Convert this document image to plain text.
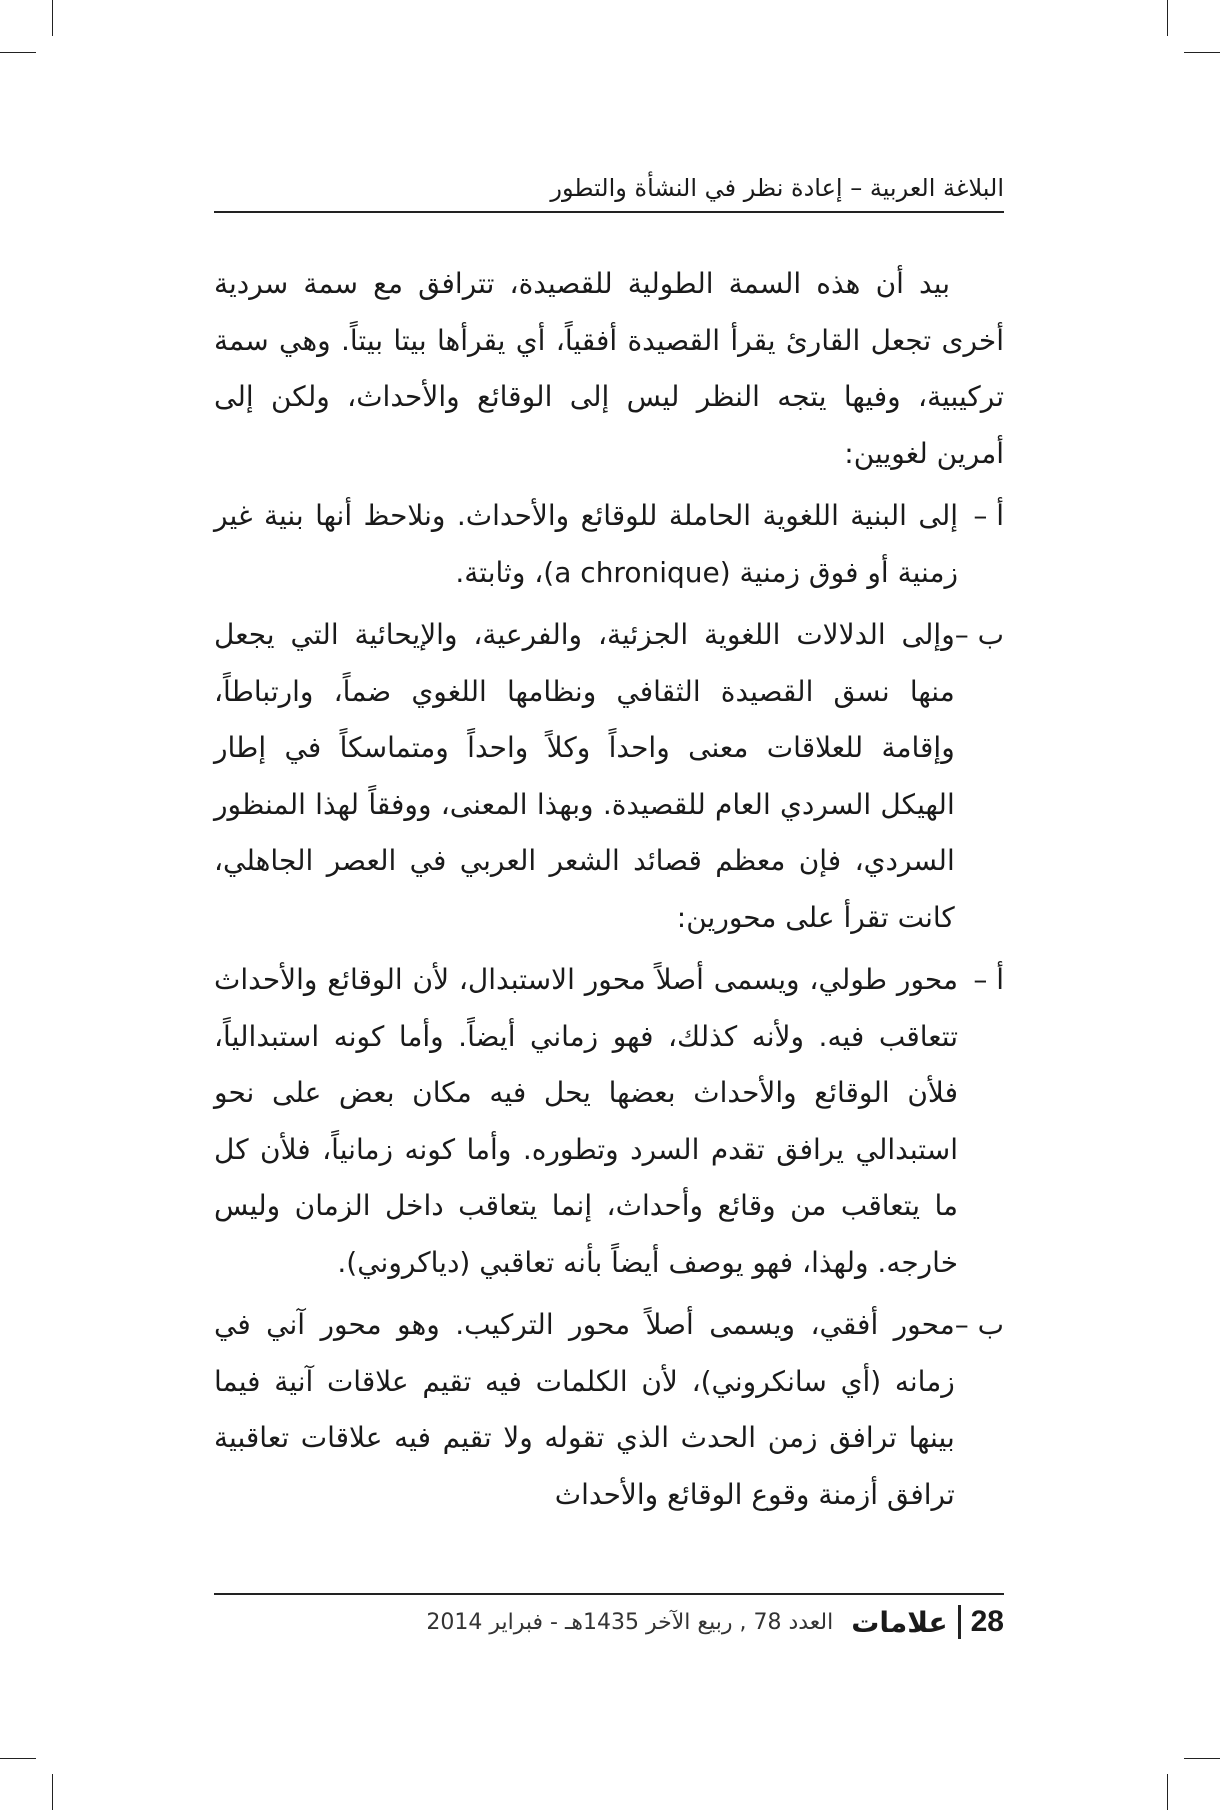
البلاغة العربية – إعادة نظر في النشأة والتطور

بيد أن هذه السمة الطولية للقصيدة، تترافق مع سمة سردية أخرى تجعل القارئ يقرأ القصيدة أفقياً، أي يقرأها بيتا بيتاً. وهي سمة تركيبية، وفيها يتجه النظر ليس إلى الوقائع والأحداث، ولكن إلى أمرين لغويين:

أ –
إلى البنية اللغوية الحاملة للوقائع والأحداث. ونلاحظ أنها بنية غير زمنية أو فوق زمنية (a chronique)، وثابتة.
ب –
وإلى الدلالات اللغوية الجزئية، والفرعية، والإيحائية التي يجعل منها نسق القصيدة الثقافي ونظامها اللغوي ضماً، وارتباطاً، وإقامة للعلاقات معنى واحداً وكلاً واحداً ومتماسكاً في إطار الهيكل السردي العام للقصيدة. وبهذا المعنى، ووفقاً لهذا المنظور السردي، فإن معظم قصائد الشعر العربي في العصر الجاهلي، كانت تقرأ على محورين:
أ –
محور طولي، ويسمى أصلاً محور الاستبدال، لأن الوقائع والأحداث تتعاقب فيه. ولأنه كذلك، فهو زماني أيضاً. وأما كونه استبدالياً، فلأن الوقائع والأحداث بعضها يحل فيه مكان بعض على نحو استبدالي يرافق تقدم السرد وتطوره. وأما كونه زمانياً، فلأن كل ما يتعاقب من وقائع وأحداث، إنما يتعاقب داخل الزمان وليس خارجه. ولهذا، فهو يوصف أيضاً بأنه تعاقبي (دياكروني).
ب –
محور أفقي، ويسمى أصلاً محور التركيب. وهو محور آني في زمانه (أي سانكروني)، لأن الكلمات فيه تقيم علاقات آنية فيما بينها ترافق زمن الحدث الذي تقوله ولا تقيم فيه علاقات تعاقبية ترافق أزمنة وقوع الوقائع والأحداث
28
علامات
العدد 78 , ربيع الآخر 1435هـ - فبراير 2014
